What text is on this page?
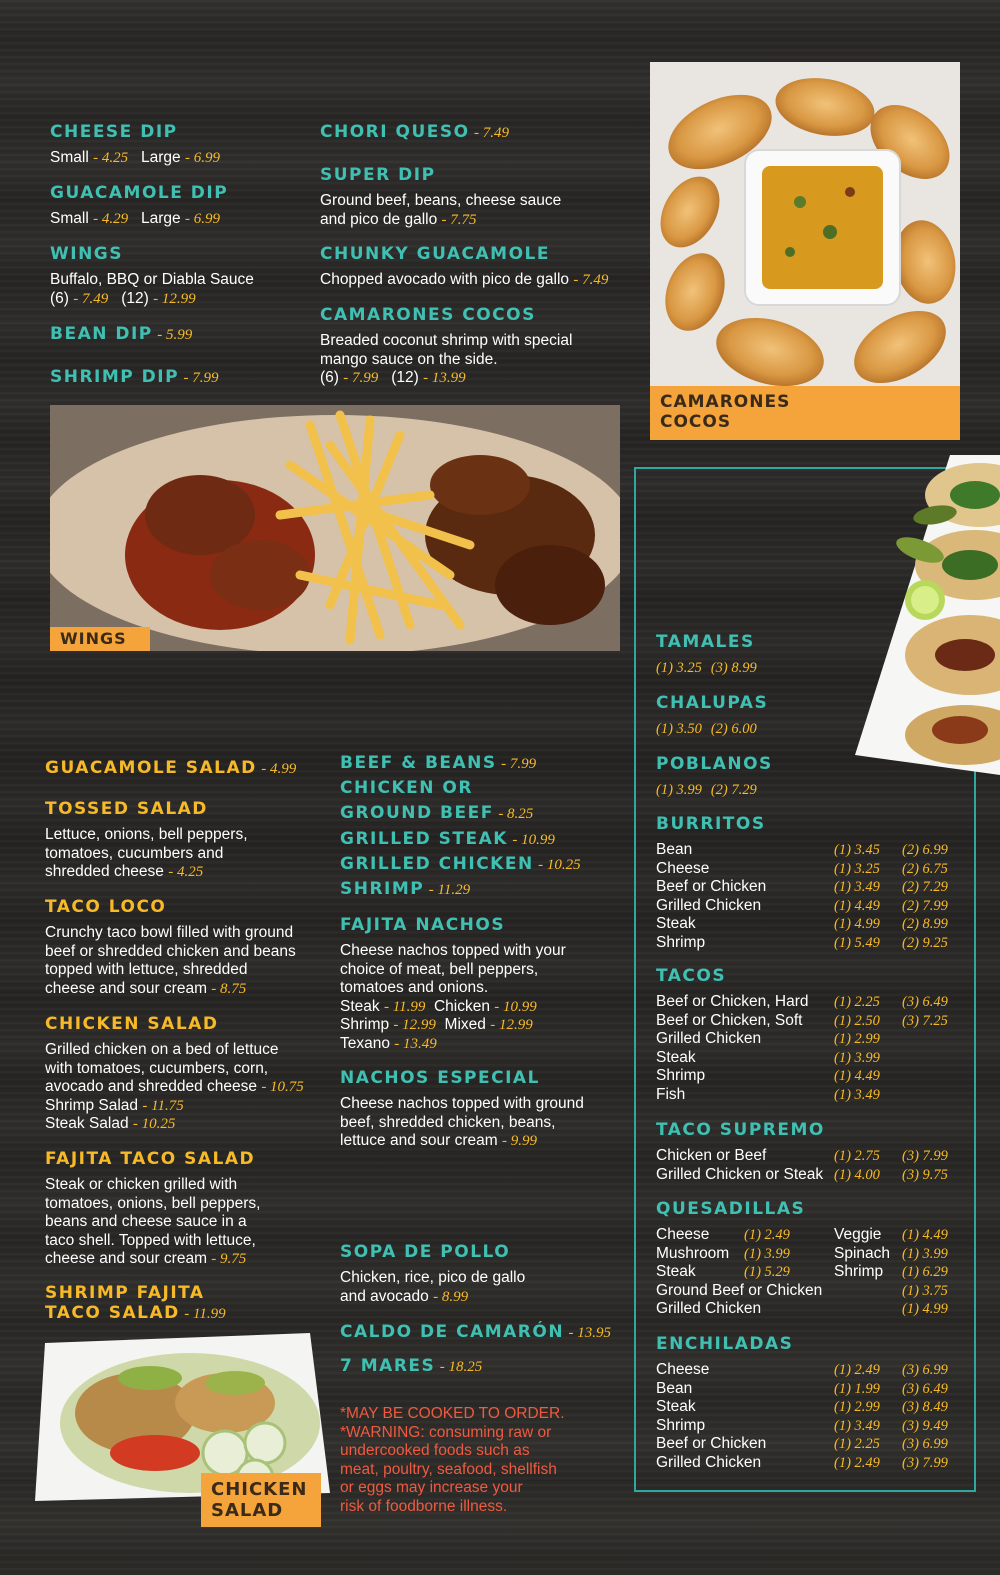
APPETIZERS
CHEESE DIP
Small - 4.25 Large - 6.99
GUACAMOLE DIP
Small - 4.29 Large - 6.99
WINGS
Buffalo, BBQ or Diabla Sauce
(6) - 7.49 (12) - 12.99
BEAN DIP - 5.99
SHRIMP DIP - 7.99
CHORI QUESO - 7.49
SUPER DIP
Ground beef, beans, cheese sauce
and pico de gallo - 7.75
CHUNKY GUACAMOLE
Chopped avocado with pico de gallo - 7.49
CAMARONES COCOS
Breaded coconut shrimp with special
mango sauce on the side.
(6) - 7.99 (12) - 13.99
CAMARONES
COCOS
WINGS
SALADS
GUACAMOLE SALAD - 4.99
TOSSED SALAD
Lettuce, onions, bell peppers,
tomatoes, cucumbers and
shredded cheese - 4.25
TACO LOCO
Crunchy taco bowl filled with ground
beef or shredded chicken and beans
topped with lettuce, shredded
cheese and sour cream - 8.75
CHICKEN SALAD
Grilled chicken on a bed of lettuce
with tomatoes, cucumbers, corn,
avocado and shredded cheese - 10.75
Shrimp Salad - 11.75
Steak Salad - 10.25
FAJITA TACO SALAD
Steak or chicken grilled with
tomatoes, onions, bell peppers,
beans and cheese sauce in a
taco shell. Topped with lettuce,
cheese and sour cream - 9.75
SHRIMP FAJITA
TACO SALAD - 11.99
CHICKEN
SALAD
NACHOS
BEEF & BEANS - 7.99
CHICKEN OR
GROUND BEEF - 8.25
GRILLED STEAK - 10.99
GRILLED CHICKEN - 10.25
SHRIMP - 11.29
FAJITA NACHOS
Cheese nachos topped with your
choice of meat, bell peppers,
tomatoes and onions.
Steak - 11.99 Chicken - 10.99
Shrimp - 12.99 Mixed - 12.99
Texano - 13.49
NACHOS ESPECIAL
Cheese nachos topped with ground
beef, shredded chicken, beans,
lettuce and sour cream - 9.99
SOUPS
SOPA DE POLLO
Chicken, rice, pico de gallo
and avocado - 8.99
CALDO DE CAMARÓN - 13.95
7 MARES - 18.25
*MAY BE COOKED TO ORDER.
*WARNING: consuming raw or
undercooked foods such as
meat, poultry, seafood, shellfish
or eggs may increase your
risk of foodborne illness.
A LA
CARTE
TAMALES
(1) 3.25 (3) 8.99
CHALUPAS
(1) 3.50 (2) 6.00
POBLANOS
(1) 3.99 (2) 7.29
BURRITOS
Bean	(1) 3.45	(2) 6.99
Cheese	(1) 3.25	(2) 6.75
Beef or Chicken	(1) 3.49	(2) 7.29
Grilled Chicken	(1) 4.49	(2) 7.99
Steak	(1) 4.99	(2) 8.99
Shrimp	(1) 5.49	(2) 9.25
TACOS
Beef or Chicken, Hard	(1) 2.25	(3) 6.49
Beef or Chicken, Soft	(1) 2.50	(3) 7.25
Grilled Chicken	(1) 2.99
Steak	(1) 3.99
Shrimp	(1) 4.49
Fish	(1) 3.49
TACO SUPREMO
Chicken or Beef	(1) 2.75	(3) 7.99
Grilled Chicken or Steak (1) 4.00	(3) 9.75
QUESADILLAS
Cheese	(1) 2.49	Veggie	(1) 4.49
Mushroom	(1) 3.99	Spinach (1) 3.99
Steak	(1) 5.29	Shrimp	(1) 6.29
Ground Beef or Chicken	(1) 3.75
Grilled Chicken	(1) 4.99
ENCHILADAS
Cheese	(1) 2.49	(3) 6.99
Bean	(1) 1.99	(3) 6.49
Steak	(1) 2.99	(3) 8.49
Shrimp	(1) 3.49	(3) 9.49
Beef or Chicken	(1) 2.25	(3) 6.99
Grilled Chicken	(1) 2.49	(3) 7.99
